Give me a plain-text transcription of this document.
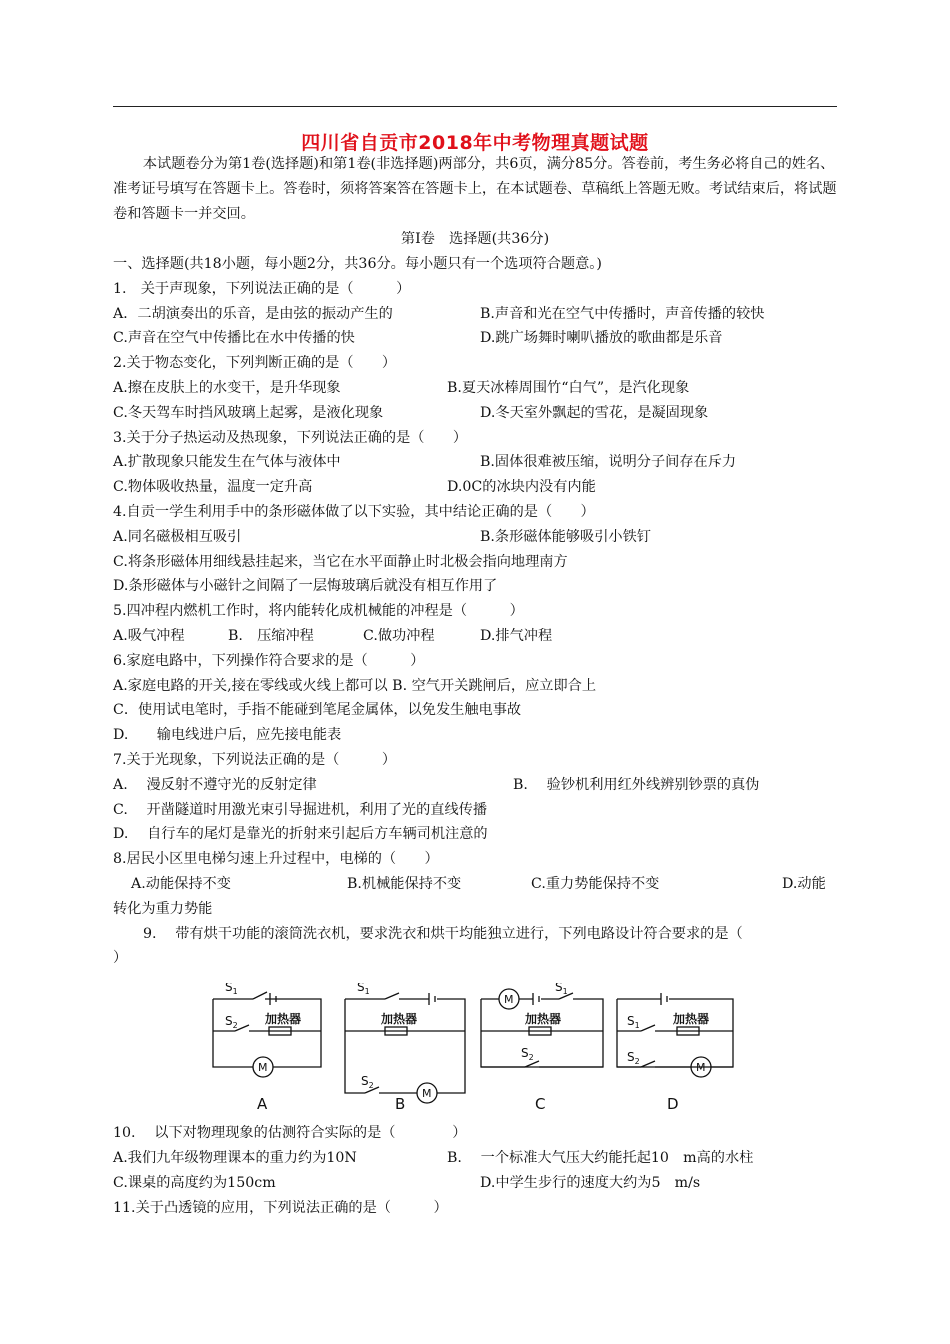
四川省自贡市2018年中考物理真题试题
本试题卷分为第1卷(选择题)和第1卷(非选择题)两部分，共6页，满分85分。答卷前，考生务必将自己的姓名、准考证号填写在答题卡上。答卷时，须将答案答在答题卡上，在本试题卷、草稿纸上答题无败。考试结束后，将试题卷和答题卡一并交回。
第Ⅰ卷　选择题(共36分)
一、选择题(共18小题，每小题2分，共36分。每小题只有一个选项符合题意。)
1.　关于声现象，下列说法正确的是（　　　）
A．二胡演奏出的乐音，是由弦的振动产生的	B.声音和光在空气中传播时，声音传播的较快
C.声音在空气中传播比在水中传播的快	D.跳广场舞时喇叭播放的歌曲都是乐音
2.关于物态变化，下列判断正确的是（　　）
A.擦在皮肤上的水变干，是升华现象	B.夏天冰棒周围竹“白气”，是汽化现象
C.冬天驾车时挡风玻璃上起雾，是液化现象	D.冬天室外飘起的雪花，是凝固现象
3.关于分子热运动及热现象，下列说法正确的是（　　）
A.扩散现象只能发生在气体与液体中	B.固体很难被压缩，说明分子间存在斥力
C.物体吸收热量，温度一定升高	D.0C的冰块内没有内能
4.自贡一学生利用手中的条形磁体做了以下实验，其中结论正确的是（　　）
A.同名磁极相互吸引	B.条形磁体能够吸引小铁钉
C.将条形磁体用细线悬挂起来，当它在水平面静止时北极会指向地理南方
D.条形磁体与小磁针之间隔了一层悔玻璃后就没有相互作用了
5.四冲程内燃机工作时，将内能转化成机械能的冲程是（　　　）
A.吸气冲程	B.　压缩冲程	C.做功冲程	D.排气冲程
6.家庭电路中，下列操作符合要求的是（　　　）
A.家庭电路的开关,接在零线或火线上都可以 B. 空气开关跳闸后，应立即合上
C．使用试电笔时，手指不能碰到笔尾金属体，以免发生触电事故
D.　　输电线进户后，应先接电能表
7.关于光现象，下列说法正确的是（　　　）
A.　 漫反射不遵守光的反射定律	B.　 验钞机利用红外线辨别钞票的真伪
C.　 开凿隧道时用激光束引导掘进机，利用了光的直线传播
D.　 自行车的尾灯是靠光的折射来引起后方车辆司机注意的
8.居民小区里电梯匀速上升过程中，电梯的（　　）
A.动能保持不变	B.机械能保持不变	C.重力势能保持不变	D.动能
转化为重力势能
9.　 带有烘干功能的滚筒洗衣机，要求洗衣和烘干均能独立进行，下列电路设计符合要求的是（
）
$S_1$
$S_2$ 加热器
M
$S_1$
$S_2$
加热器
M
M
$S_1$
加热器
$S_2$
$S_1$	加热器
$S_2$	M
A	B	C	D
10.　 以下对物理现象的估测符合实际的是（　　　　）
A.我们九年级物理课本的重力约为10N	B.　 一个标准大气压大约能托起10　m高的水柱
C.课桌的高度约为150cm	D.中学生步行的速度大约为5　m/s
11.关于凸透镜的应用，下列说法正确的是（　　　）
